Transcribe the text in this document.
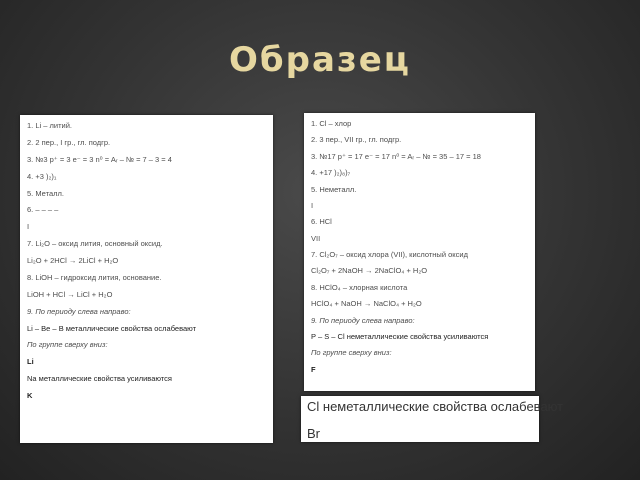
Образец
1. Li – литий.
2. 2 пер., I гр., гл. подгр.
3. №3 p⁺ = 3 e⁻ = 3 n⁰ = Aᵣ – № = 7 – 3 = 4
4. +3 )₂)₁
5. Металл.
6. – – – –
I
7. Li₂O – оксид лития, основный оксид.
Li₂O + 2HCl → 2LiCl + H₂O
8. LiOH – гидроксид лития, основание.
LiOH + HCl → LiCl + H₂O
9. По периоду слева направо:
Li – Be – B металлические свойства ослабевают
По группе сверху вниз:
Li
Na металлические свойства усиливаются
K
1. Cl – хлор
2. 3 пер., VII гр., гл. подгр.
3. №17 p⁺ = 17 e⁻ = 17 n⁰ = Aᵣ – № = 35 – 17 = 18
4. +17 )₂)₈)₇
5. Неметалл.
I
6. HCl
VII
7. Cl₂O₇ – оксид хлора (VII), кислотный оксид
Cl₂O₇ + 2NaOH → 2NaClO₄ + H₂O
8. HClO₄ – хлорная кислота
HClO₄ + NaOH → NaClO₄ + H₂O
9. По периоду слева направо:
P – S – Cl неметаллические свойства усиливаются
По группе сверху вниз:
F
Cl неметаллические свойства ослабевают
Br
